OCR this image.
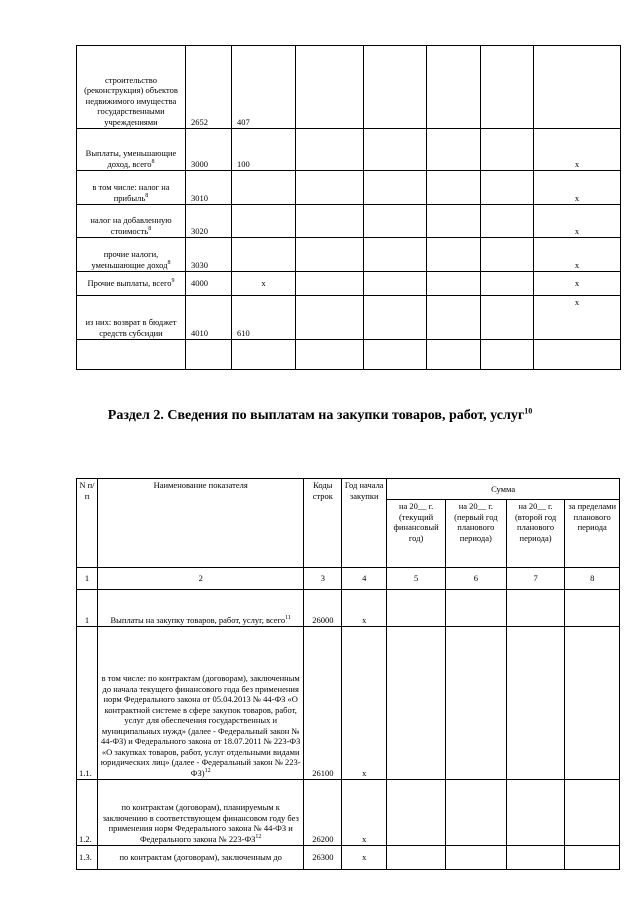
строительство (реконструкция) объектов недвижимого имущества государственными учреждениями	2652	407					
Выплаты, уменьшающие доход, всего$^8$	3000	100					x
в том числе: налог на прибыль$^8$	3010						x
налог на добавленную стоимость$^8$	3020						x
прочие налоги, уменьшающие доход$^8$	3030						x
Прочие выплаты, всего$^9$	4000	x					x
из них: возврат в бюджет средств субсидии	4010	610					x

Раздел 2. Сведения по выплатам на закупки товаров, работ, услуг$^{10}$
N п/п	Наименование показателя	Коды строк	Год начала закупки	Сумма			
				на 20__ г. (текущий финансовый год)	на 20__ г. (первый год планового периода)	на 20__ г. (второй год планового периода)	за пределами планового периода
1	2	3	4	5	6	7	8
1	Выплаты на закупку товаров, работ, услуг, всего$^{11}$	26000	x				
1.1.	в том числе: по контрактам (договорам), заключенным до начала текущего финансового года без применения норм Федерального закона от 05.04.2013 № 44-ФЗ «О контрактной системе в сфере закупок товаров, работ, услуг для обеспечения государственных и муниципальных нужд» (далее - Федеральный закон № 44-ФЗ) и Федерального закона от 18.07.2011 № 223-ФЗ «О закупках товаров, работ, услуг отдельными видами юридических лиц» (далее - Федеральный закон № 223-ФЗ)$^{12}$	26100	x				
1.2.	по контрактам (договорам), планируемым к заключению в соответствующем финансовом году без применения норм Федерального закона № 44-ФЗ и Федерального закона № 223-ФЗ$^{12}$	26200	x				
1.3.	по контрактам (договорам), заключенным до	26300	x				
